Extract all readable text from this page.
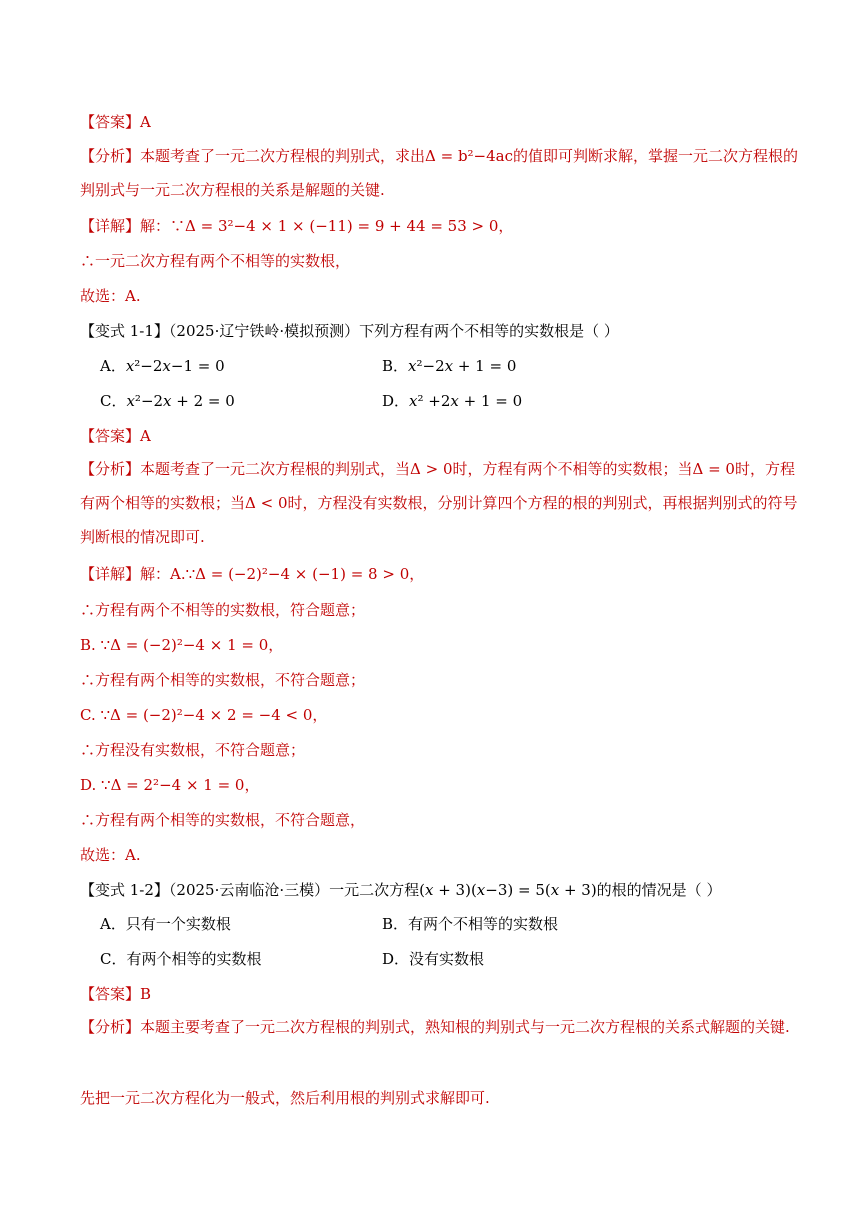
【答案】A
【分析】本题考查了一元二次方程根的判别式，求出Δ = b²−4ac的值即可判断求解，掌握一元二次方程根的判别式与一元二次方程根的关系是解题的关键.
【详解】解：∵Δ = 3²−4 × 1 × (−11) = 9 + 44 = 53 > 0，
∴一元二次方程有两个不相等的实数根，
故选：A.
【变式 1-1】（2025·辽宁铁岭·模拟预测）下列方程有两个不相等的实数根是（ ）
A．𝑥²−2𝑥−1 = 0	B．𝑥²−2𝑥 + 1 = 0
C．𝑥²−2𝑥 + 2 = 0	D．𝑥² +2𝑥 + 1 = 0
【答案】A
【分析】本题考查了一元二次方程根的判别式，当Δ > 0时，方程有两个不相等的实数根；当Δ = 0时，方程有两个相等的实数根；当Δ < 0时，方程没有实数根，分别计算四个方程的根的判别式，再根据判别式的符号判断根的情况即可.
【详解】解：A.∵Δ = (−2)²−4 × (−1) = 8 > 0，
∴方程有两个不相等的实数根，符合题意；
B. ∵Δ = (−2)²−4 × 1 = 0，
∴方程有两个相等的实数根，不符合题意；
C. ∵Δ = (−2)²−4 × 2 = −4 < 0，
∴方程没有实数根，不符合题意；
D. ∵Δ = 2²−4 × 1 = 0，
∴方程有两个相等的实数根，不符合题意，
故选：A.
【变式 1-2】（2025·云南临沧·三模）一元二次方程(𝑥 + 3)(𝑥−3) = 5(𝑥 + 3)的根的情况是（ ）
A．只有一个实数根	B．有两个不相等的实数根
C．有两个相等的实数根	D．没有实数根
【答案】B
【分析】本题主要考查了一元二次方程根的判别式，熟知根的判别式与一元二次方程根的关系式解题的关键.
先把一元二次方程化为一般式，然后利用根的判别式求解即可.
